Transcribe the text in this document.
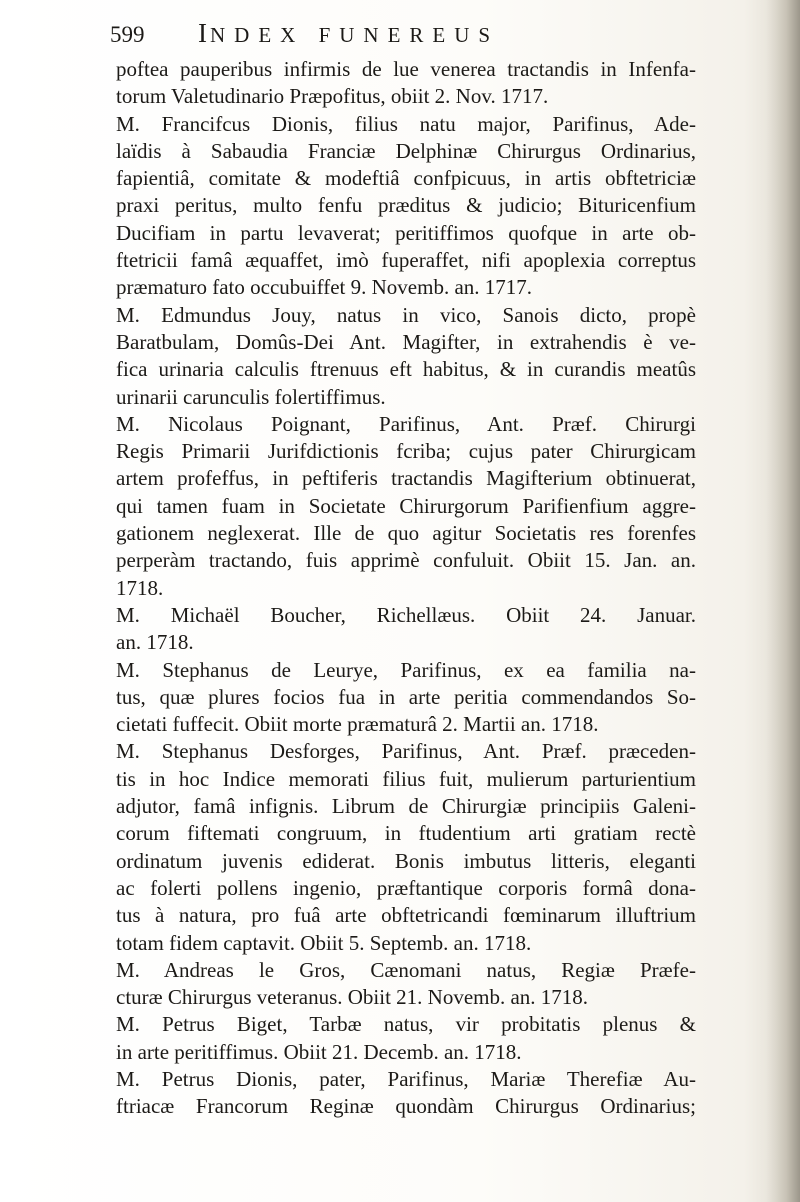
599 INDEX FUNEREUS
poftea pauperibus infirmis de lue venerea tractandis in Infenfa-
torum Valetudinario Præpofitus, obiit 2. Nov. 1717.
M. Francifcus Dionis, filius natu major, Parifinus, Ade-
laïdis à Sabaudia Franciæ Delphinæ Chirurgus Ordinarius,
fapientiâ, comitate & modeftiâ confpicuus, in artis obftetriciæ
praxi peritus, multo fenfu præditus & judicio; Bituricenfium
Ducifiam in partu levaverat; peritiffimos quofque in arte ob-
ftetricii famâ æquaffet, imò fuperaffet, nifi apoplexia correptus
præmaturo fato occubuiffet 9. Novemb. an. 1717.
M. Edmundus Jouy, natus in vico, Sanois dicto, propè
Baratbulam, Domûs-Dei Ant. Magifter, in extrahendis è ve-
fica urinaria calculis ftrenuus eft habitus, & in curandis meatûs
urinarii carunculis folertiffimus.
M. Nicolaus Poignant, Parifinus, Ant. Præf. Chirurgi
Regis Primarii Jurifdictionis fcriba; cujus pater Chirurgicam
artem profeffus, in peftiferis tractandis Magifterium obtinuerat,
qui tamen fuam in Societate Chirurgorum Parifienfium aggre-
gationem neglexerat. Ille de quo agitur Societatis res forenfes
perperàm tractando, fuis apprimè confuluit. Obiit 15. Jan. an.
1718.
M. Michaël Boucher, Richellæus. Obiit 24. Januar.
an. 1718.
M. Stephanus de Leurye, Parifinus, ex ea familia na-
tus, quæ plures focios fua in arte peritia commendandos So-
cietati fuffecit. Obiit morte præmaturâ 2. Martii an. 1718.
M. Stephanus Desforges, Parifinus, Ant. Præf. præceden-
tis in hoc Indice memorati filius fuit, mulierum parturientium
adjutor, famâ infignis. Librum de Chirurgiæ principiis Galeni-
corum fiftemati congruum, in ftudentium arti gratiam rectè
ordinatum juvenis ediderat. Bonis imbutus litteris, eleganti
ac folerti pollens ingenio, præftantique corporis formâ dona-
tus à natura, pro fuâ arte obftetricandi fœminarum illuftrium
totam fidem captavit. Obiit 5. Septemb. an. 1718.
M. Andreas le Gros, Cænomani natus, Regiæ Præfe-
cturæ Chirurgus veteranus. Obiit 21. Novemb. an. 1718.
M. Petrus Biget, Tarbæ natus, vir probitatis plenus &
in arte peritiffimus. Obiit 21. Decemb. an. 1718.
M. Petrus Dionis, pater, Parifinus, Mariæ Therefiæ Au-
ftriacæ Francorum Reginæ quondàm Chirurgus Ordinarius;
